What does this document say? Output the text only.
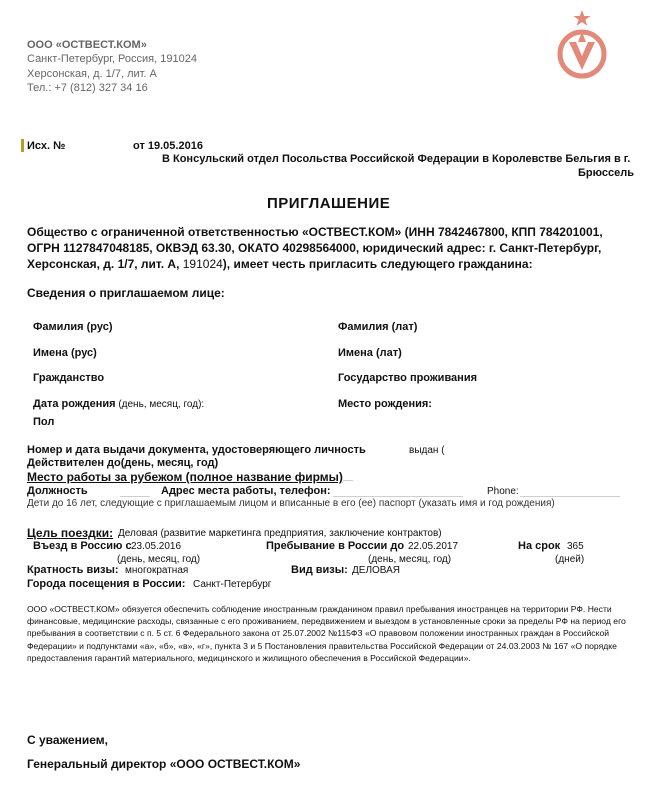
ООО «ОСТВЕСТ.КОМ»
Санкт-Петербург, Россия, 191024
Херсонская, д. 1/7, лит. А
Тел.: +7 (812) 327 34 16
Исх. №	от 19.05.2016
В Консульский отдел Посольства Российской Федерации в Королевстве Бельгия в г.
Брюссель
ПРИГЛАШЕНИЕ
Общество с ограниченной ответственностью «ОСТВЕСТ.КОМ» (ИНН 7842467800, КПП 784201001,
ОГРН 1127847048185, ОКВЭД 63.30, ОКАТО 40298564000, юридический адрес: г. Санкт-Петербург,
Херсонская, д. 1/7, лит. А, 191024), имеет честь пригласить следующего гражданина:
Сведения о приглашаемом лице:
Фамилия (рус)	Фамилия (лат)
Имена (рус)	Имена (лат)
Гражданство	Государство проживания
Дата рождения (день, месяц, год):	Место рождения:
Пол
Номер и дата выдачи документа, удостоверяющего личность	выдан (
Действителен до(день, месяц, год)
Место работы за рубежом (полное название фирмы)
Должность	Адрес места работы, телефон:	Phone:
Дети до 16 лет, следующие с приглашаемым лицом и вписанные в его (ее) паспорт (указать имя и год рождения)
Цель поездки: Деловая (развитие маркетинга предприятия, заключение контрактов)
Въезд в Россию с 23.05.2016
(день, месяц, год)
Пребывание в России до 22.05.2017
(день, месяц, год)
На срок 365
(дней)
Кратность визы: многократная	Вид визы: ДЕЛОВАЯ
Города посещения в России: Санкт-Петербург
ООО «ОСТВЕСТ.КОМ» обязуется обеспечить соблюдение иностранным гражданином правил пребывания иностранцев на территории РФ. Нести финансовые, медицинские расходы, связанные с его проживанием, передвижением и выездом в установленные сроки за пределы РФ на период его пребывания в соответствии с п. 5 ст. 6 Федерального закона от 25.07.2002 №115ФЗ «О правовом положении иностранных граждан в Российской Федерации» и подпунктами «а», «б», «в», «г», пункта 3 и 5 Постановления правительства Российской Федерации от 24.03.2003 № 167 «О порядке предоставления гарантий материального, медицинского и жилищного обеспечения в Российской Федерации».
С уважением,
Генеральный директор «ООО ОСТВЕСТ.КОМ»
